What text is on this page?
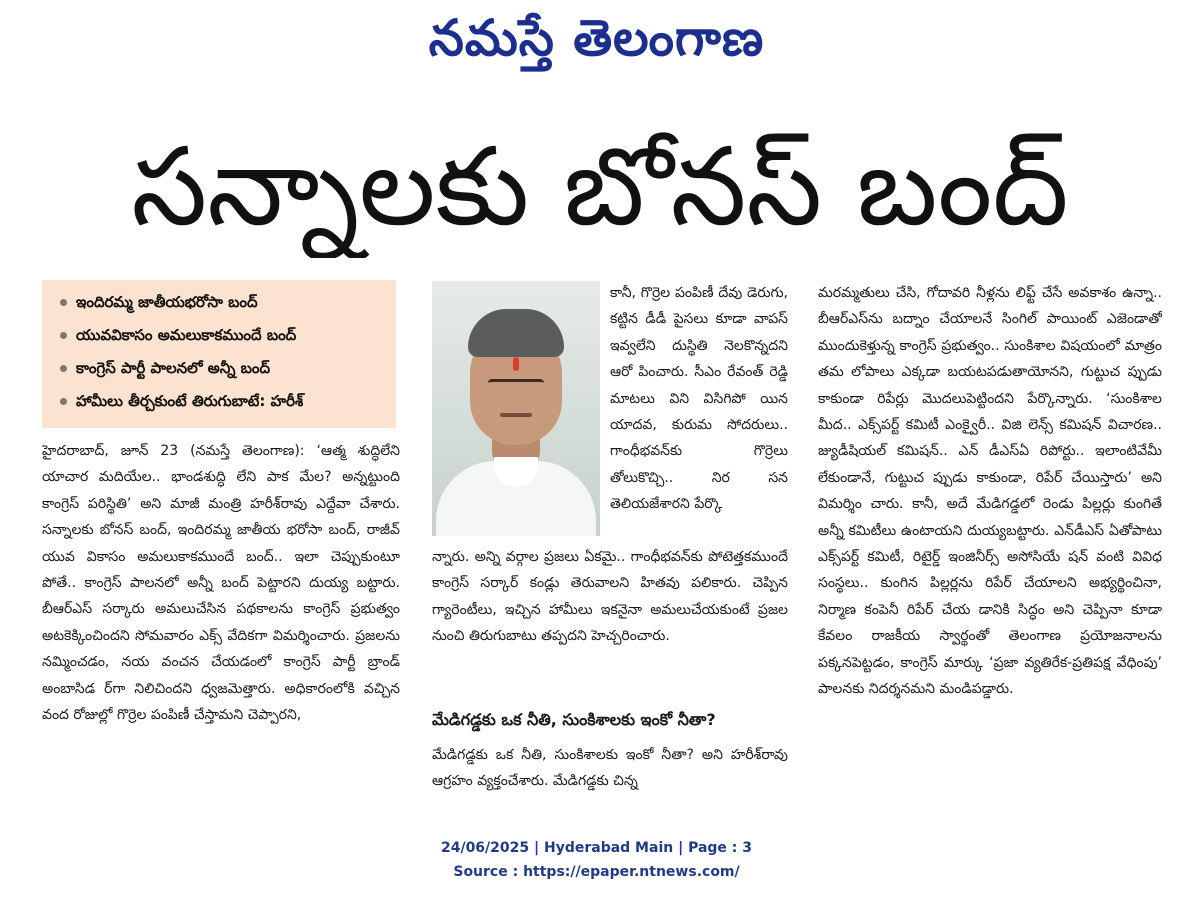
నమస్తే తెలంగాణ
సన్నాలకు బోనస్ బంద్
ఇందిరమ్మ జాతీయభరోసా బంద్
యువవికాసం అమలుకాకముందే బంద్
కాంగ్రెస్ పార్టీ పాలనలో అన్నీ బంద్
హామీలు తీర్చకుంటే తిరుగుబాటే: హరీశ్

హైదరాబాద్, జూన్ 23 (నమస్తే తెలంగాణ): ‘ఆత్మ శుద్ధిలేని యాచార మదియేల.. భాండశుద్ధి లేని పాక మేల? అన్నట్టుంది కాంగ్రెస్ పరిస్థితి’ అని మాజీ మంత్రి హరీశ్‌రావు ఎద్దేవా చేశారు. సన్నాలకు బోనస్ బంద్, ఇందిరమ్మ జాతీయ భరోసా బంద్, రాజీవ్ యువ వికాసం అమలుకాకముందే బంద్.. ఇలా చెప్పుకుంటూ పోతే.. కాంగ్రెస్ పాలనలో అన్నీ బంద్ పెట్టారని దుయ్య బట్టారు. బీఆర్‌ఎస్ సర్కారు అమలుచేసిన పథకాలను కాంగ్రెస్ ప్రభుత్వం అటకెక్కించిందని సోమవారం ఎక్స్ వేదికగా విమర్శించారు. ప్రజలను నమ్మించడం, నయ వంచన చేయడంలో కాంగ్రెస్ పార్టీ బ్రాండ్ అంబాసిడ ర్‌గా నిలిచిందని ధ్వజమెత్తారు. అధికారంలోకి వచ్చిన వంద రోజుల్లో గొర్రెల పంపిణీ చేస్తామని చెప్పారని,

కానీ, గొర్రెల పంపిణీ దేవు డెరుగు, కట్టిన డీడీ పైసలు కూడా వాపస్ ఇవ్వలేని దుస్థితి నెలకొన్నదని ఆరో పించారు. సీఎం రేవంత్ రెడ్డి మాటలు విని విసిగిపో యిన యాదవ, కురుమ సోదరులు.. గాంధీభవన్‌కు గొర్రెలు తోలుకొచ్చి.. నిర సన తెలియజేశారని పేర్కొ

న్నారు. అన్ని వర్గాల ప్రజలు ఏకమై.. గాంధీభవన్‌కు పోటెత్తకముందే కాంగ్రెస్ సర్కార్ కండ్లు తెరువాలని హితవు పలికారు. చెప్పిన గ్యారెంటీలు, ఇచ్చిన హామీలు ఇకనైనా అమలుచేయకుంటే ప్రజల నుంచి తిరుగుబాటు తప్పదని హెచ్చరించారు.

మేడిగడ్డకు ఒక నీతి, సుంకిశాలకు ఇంకో నీతా?

మేడిగడ్డకు ఒక నీతి, సుంకిశాలకు ఇంకో నీతా? అని హరీశ్‌రావు ఆగ్రహం వ్యక్తంచేశారు. మేడిగడ్డకు చిన్న

మరమ్మతులు చేసి, గోదావరి నీళ్లను లిఫ్ట్ చేసే అవకాశం ఉన్నా.. బీఆర్‌ఎస్‌ను బద్నాం చేయాలనే సింగిల్ పాయింట్ ఎజెండాతో ముందుకెళ్తున్న కాంగ్రెస్ ప్రభుత్వం.. సుంకిశాల విషయంలో మాత్రం తమ లోపాలు ఎక్కడా బయటపడుతాయోనని, గుట్టుచ ప్పుడు కాకుండా రిపేర్లు మొదలుపెట్టిందని పేర్కొన్నారు. ‘సుంకిశాల మీద.. ఎక్స్‌పర్ట్ కమిటీ ఎంక్వైరీ.. విజి లెన్స్ కమిషన్ విచారణ.. జ్యుడీషియల్ కమిషన్.. ఎన్ డీఎస్‌ఏ రిపోర్టు.. ఇలాంటివేమీ లేకుండానే, గుట్టుచ ప్పుడు కాకుండా, రిపేర్ చేయిస్తారు’ అని విమర్శిం చారు. కానీ, అదే మేడిగడ్డలో రెండు పిల్లర్లు కుంగితే అన్నీ కమిటీలు ఉంటాయని దుయ్యబట్టారు. ఎన్‌డీఎస్ ఏతోపాటు ఎక్స్‌పర్ట్ కమిటీ, రిటైర్డ్ ఇంజినీర్స్ అసోసియే షన్ వంటి వివిధ సంస్థలు.. కుంగిన పిల్లర్లను రిపేర్ చేయాలని అభ్యర్థించినా, నిర్మాణ కంపెనీ రిపేర్ చేయ డానికి సిద్ధం అని చెప్పినా కూడా కేవలం రాజకీయ స్వార్థంతో తెలంగాణ ప్రయోజనాలను పక్కనపెట్టడం, కాంగ్రెస్ మార్కు ‘ప్రజా వ్యతిరేక-ప్రతిపక్ష వేధింపు’ పాలనకు నిదర్శనమని మండిపడ్డారు.

24/06/2025 | Hyderabad Main | Page : 3
Source : https://epaper.ntnews.com/
